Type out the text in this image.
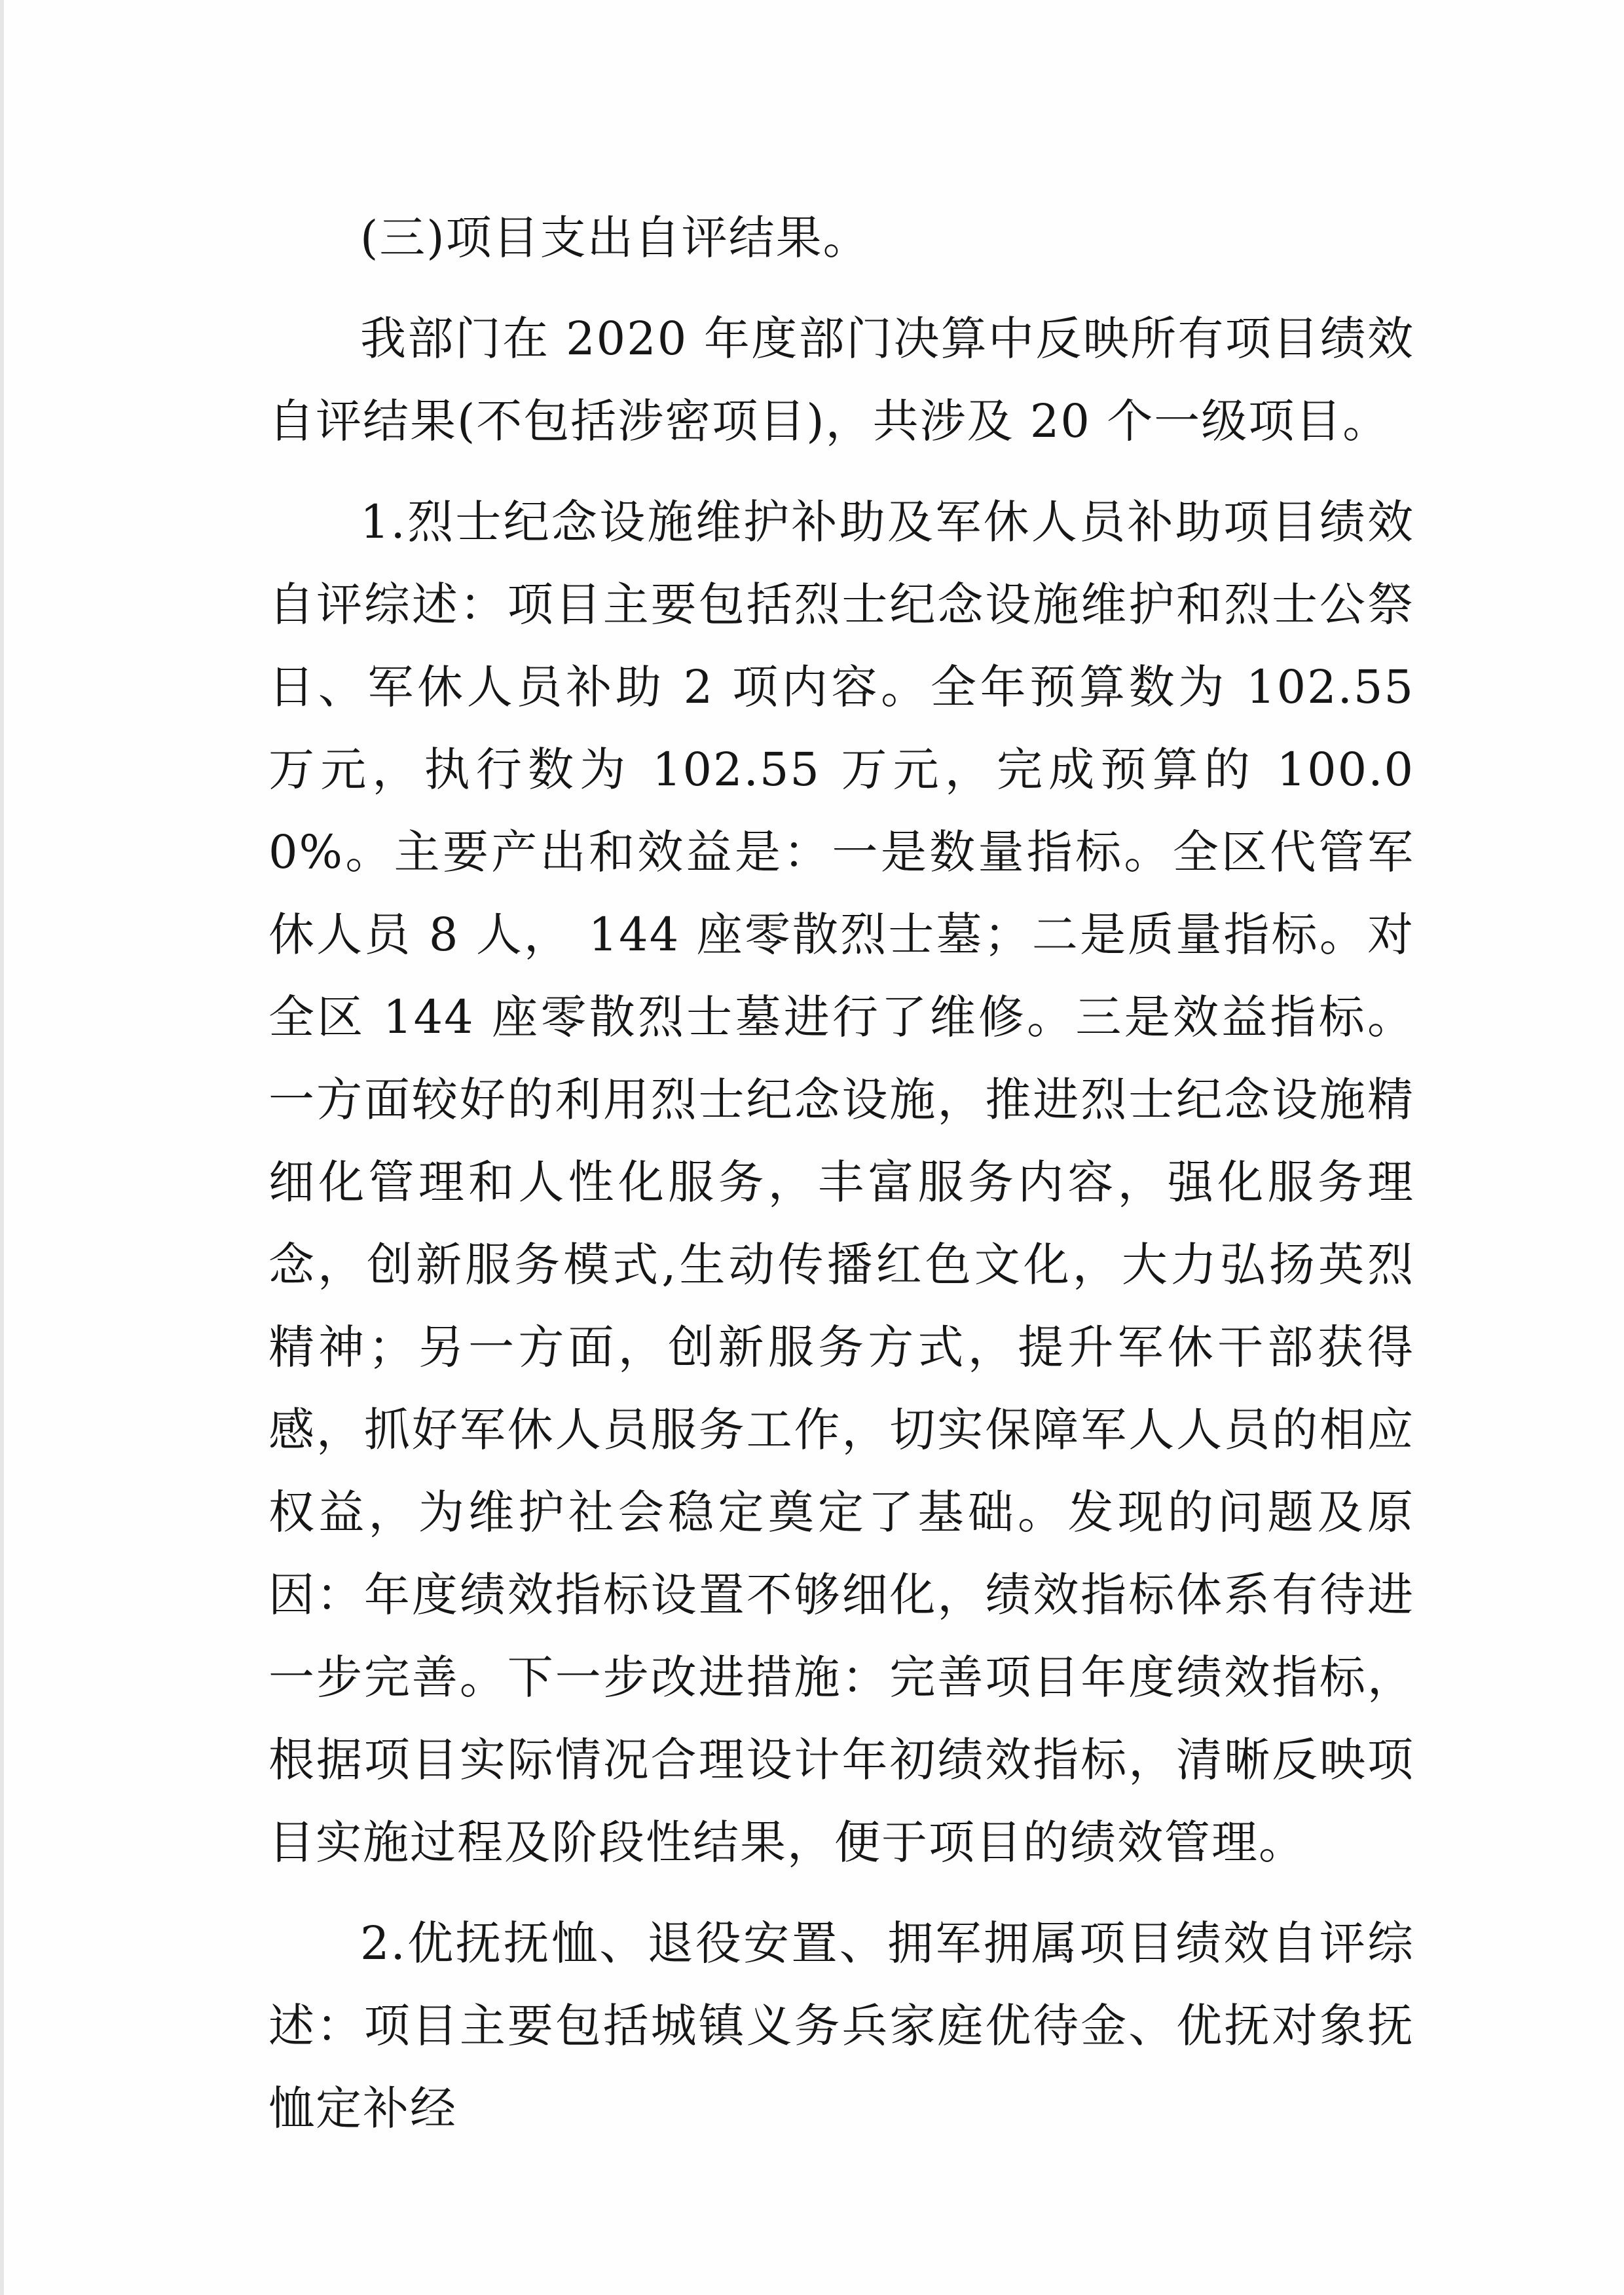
(三)项目支出自评结果。

我部门在 2020 年度部门决算中反映所有项目绩效自评结果(不包括涉密项目)，共涉及 20 个一级项目。

1.烈士纪念设施维护补助及军休人员补助项目绩效自评综述：项目主要包括烈士纪念设施维护和烈士公祭日、军休人员补助 2 项内容。全年预算数为 102.55 万元，执行数为 102.55 万元，完成预算的 100.00%。主要产出和效益是：一是数量指标。全区代管军休人员 8 人， 144 座零散烈士墓；二是质量指标。对全区 144 座零散烈士墓进行了维修。三是效益指标。一方面较好的利用烈士纪念设施，推进烈士纪念设施精细化管理和人性化服务，丰富服务内容，强化服务理念，创新服务模式,生动传播红色文化，大力弘扬英烈精神；另一方面，创新服务方式，提升军休干部获得感，抓好军休人员服务工作，切实保障军人人员的相应权益，为维护社会稳定奠定了基础。发现的问题及原因：年度绩效指标设置不够细化，绩效指标体系有待进一步完善。下一步改进措施：完善项目年度绩效指标，根据项目实际情况合理设计年初绩效指标，清晰反映项目实施过程及阶段性结果，便于项目的绩效管理。

2.优抚抚恤、退役安置、拥军拥属项目绩效自评综述：项目主要包括城镇义务兵家庭优待金、优抚对象抚恤定补经
